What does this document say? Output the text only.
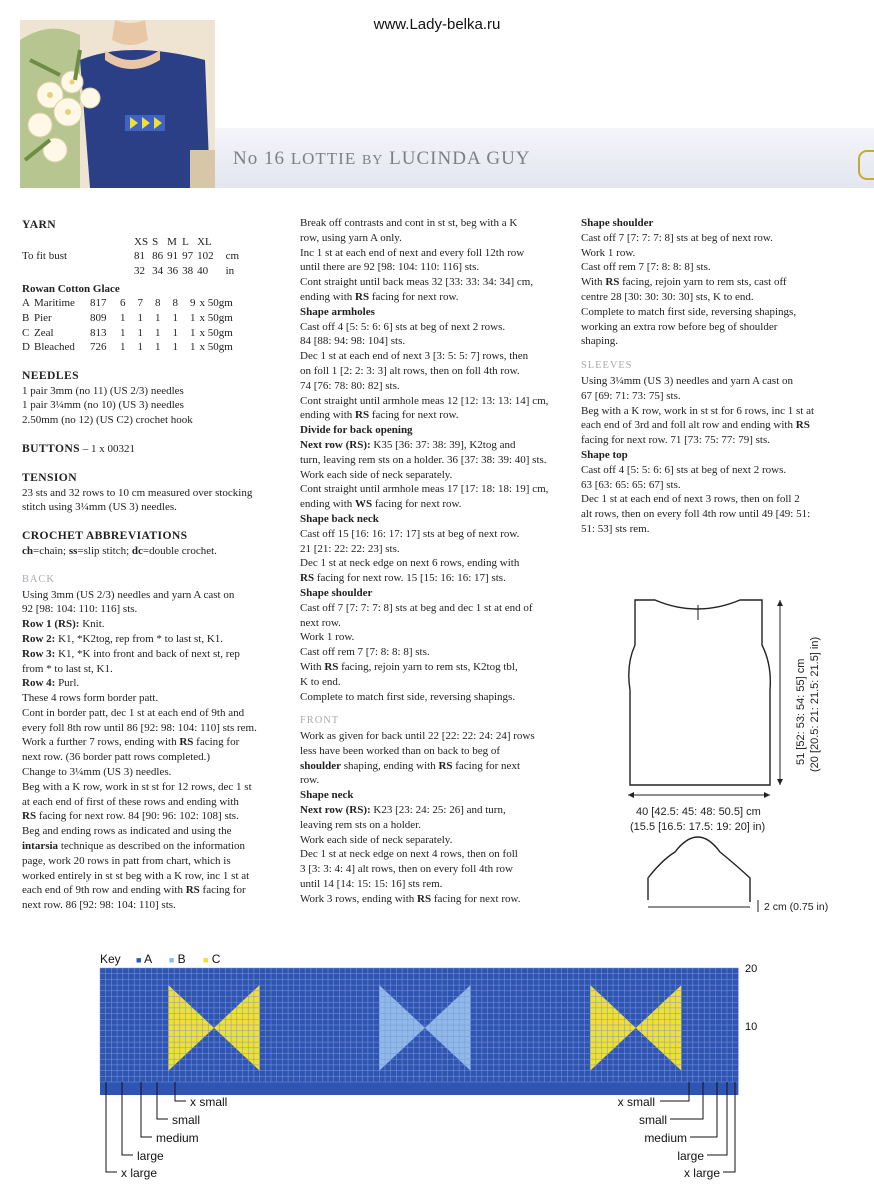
www.Lady-belka.ru
No 16 LOTTIE BY LUCINDA GUY

YARN

	XS	S	M	L	XL	
To fit bust	81	86	91	97	102	cm
	32	34	36	38	40	in

Rowan Cotton Glace

A	Maritime	817	6	7	8	8	9	x 50gm
B	Pier	809	1	1	1	1	1	x 50gm
C	Zeal	813	1	1	1	1	1	x 50gm
D	Bleached	726	1	1	1	1	1	x 50gm

NEEDLES

1 pair 3mm (no 11) (US 2/3) needles

1 pair 3¼mm (no 10) (US 3) needles

2.50mm (no 12) (US C2) crochet hook

BUTTONS – 1 x 00321

TENSION

23 sts and 32 rows to 10 cm measured over stocking

stitch using 3¼mm (US 3) needles.

CROCHET ABBREVIATIONS

ch=chain; ss=slip stitch; dc=double crochet.

BACK

Using 3mm (US 2/3) needles and yarn A cast on

92 [98: 104: 110: 116] sts.

Row 1 (RS): Knit.

Row 2: K1, *K2tog, rep from * to last st, K1.

Row 3: K1, *K into front and back of next st, rep

from * to last st, K1.

Row 4: Purl.

These 4 rows form border patt.

Cont in border patt, dec 1 st at each end of 9th and

every foll 8th row until 86 [92: 98: 104: 110] sts rem.

Work a further 7 rows, ending with RS facing for

next row. (36 border patt rows completed.)

Change to 3¼mm (US 3) needles.

Beg with a K row, work in st st for 12 rows, dec 1 st

at each end of first of these rows and ending with

RS facing for next row. 84 [90: 96: 102: 108] sts.

Beg and ending rows as indicated and using the

intarsia technique as described on the information

page, work 20 rows in patt from chart, which is

worked entirely in st st beg with a K row, inc 1 st at

each end of 9th row and ending with RS facing for

next row. 86 [92: 98: 104: 110] sts.

Break off contrasts and cont in st st, beg with a K

row, using yarn A only.

Inc 1 st at each end of next and every foll 12th row

until there are 92 [98: 104: 110: 116] sts.

Cont straight until back meas 32 [33: 33: 34: 34] cm,

ending with RS facing for next row.

Shape armholes

Cast off 4 [5: 5: 6: 6] sts at beg of next 2 rows.

84 [88: 94: 98: 104] sts.

Dec 1 st at each end of next 3 [3: 5: 5: 7] rows, then

on foll 1 [2: 2: 3: 3] alt rows, then on foll 4th row.

74 [76: 78: 80: 82] sts.

Cont straight until armhole meas 12 [12: 13: 13: 14] cm,

ending with RS facing for next row.

Divide for back opening

Next row (RS): K35 [36: 37: 38: 39], K2tog and

turn, leaving rem sts on a holder. 36 [37: 38: 39: 40] sts.

Work each side of neck separately.

Cont straight until armhole meas 17 [17: 18: 18: 19] cm,

ending with WS facing for next row.

Shape back neck

Cast off 15 [16: 16: 17: 17] sts at beg of next row.

21 [21: 22: 22: 23] sts.

Dec 1 st at neck edge on next 6 rows, ending with

RS facing for next row. 15 [15: 16: 16: 17] sts.

Shape shoulder

Cast off 7 [7: 7: 7: 8] sts at beg and dec 1 st at end of

next row.

Work 1 row.

Cast off rem 7 [7: 8: 8: 8] sts.

With RS facing, rejoin yarn to rem sts, K2tog tbl,

K to end.

Complete to match first side, reversing shapings.

FRONT

Work as given for back until 22 [22: 22: 24: 24] rows

less have been worked than on back to beg of

shoulder shaping, ending with RS facing for next

row.

Shape neck

Next row (RS): K23 [23: 24: 25: 26] and turn,

leaving rem sts on a holder.

Work each side of neck separately.

Dec 1 st at neck edge on next 4 rows, then on foll

3 [3: 3: 4: 4] alt rows, then on every foll 4th row

until 14 [14: 15: 15: 16] sts rem.

Work 3 rows, ending with RS facing for next row.

Shape shoulder

Cast off 7 [7: 7: 7: 8] sts at beg of next row.

Work 1 row.

Cast off rem 7 [7: 8: 8: 8] sts.

With RS facing, rejoin yarn to rem sts, cast off

centre 28 [30: 30: 30: 30] sts, K to end.

Complete to match first side, reversing shapings,

working an extra row before beg of shoulder

shaping.

SLEEVES

Using 3¼mm (US 3) needles and yarn A cast on

67 [69: 71: 73: 75] sts.

Beg with a K row, work in st st for 6 rows, inc 1 st at

each end of 3rd and foll alt row and ending with RS

facing for next row. 71 [73: 75: 77: 79] sts.

Shape top

Cast off 4 [5: 5: 6: 6] sts at beg of next 2 rows.

63 [63: 65: 65: 67] sts.

Dec 1 st at each end of next 3 rows, then on foll 2

alt rows, then on every foll 4th row until 49 [49: 51:

51: 53] sts rem.

40 [42.5: 45: 48: 50.5] cm
(15.5 [16.5: 17.5: 19: 20] in)
51 [52: 53: 54: 55] cm (20 [20.5: 21: 21.5: 21.5] in)
2 cm (0.75 in)
Key ■ A ■ B ■ C
20
10
x small
small
medium
large
x large
x small
small
medium
large
x large
